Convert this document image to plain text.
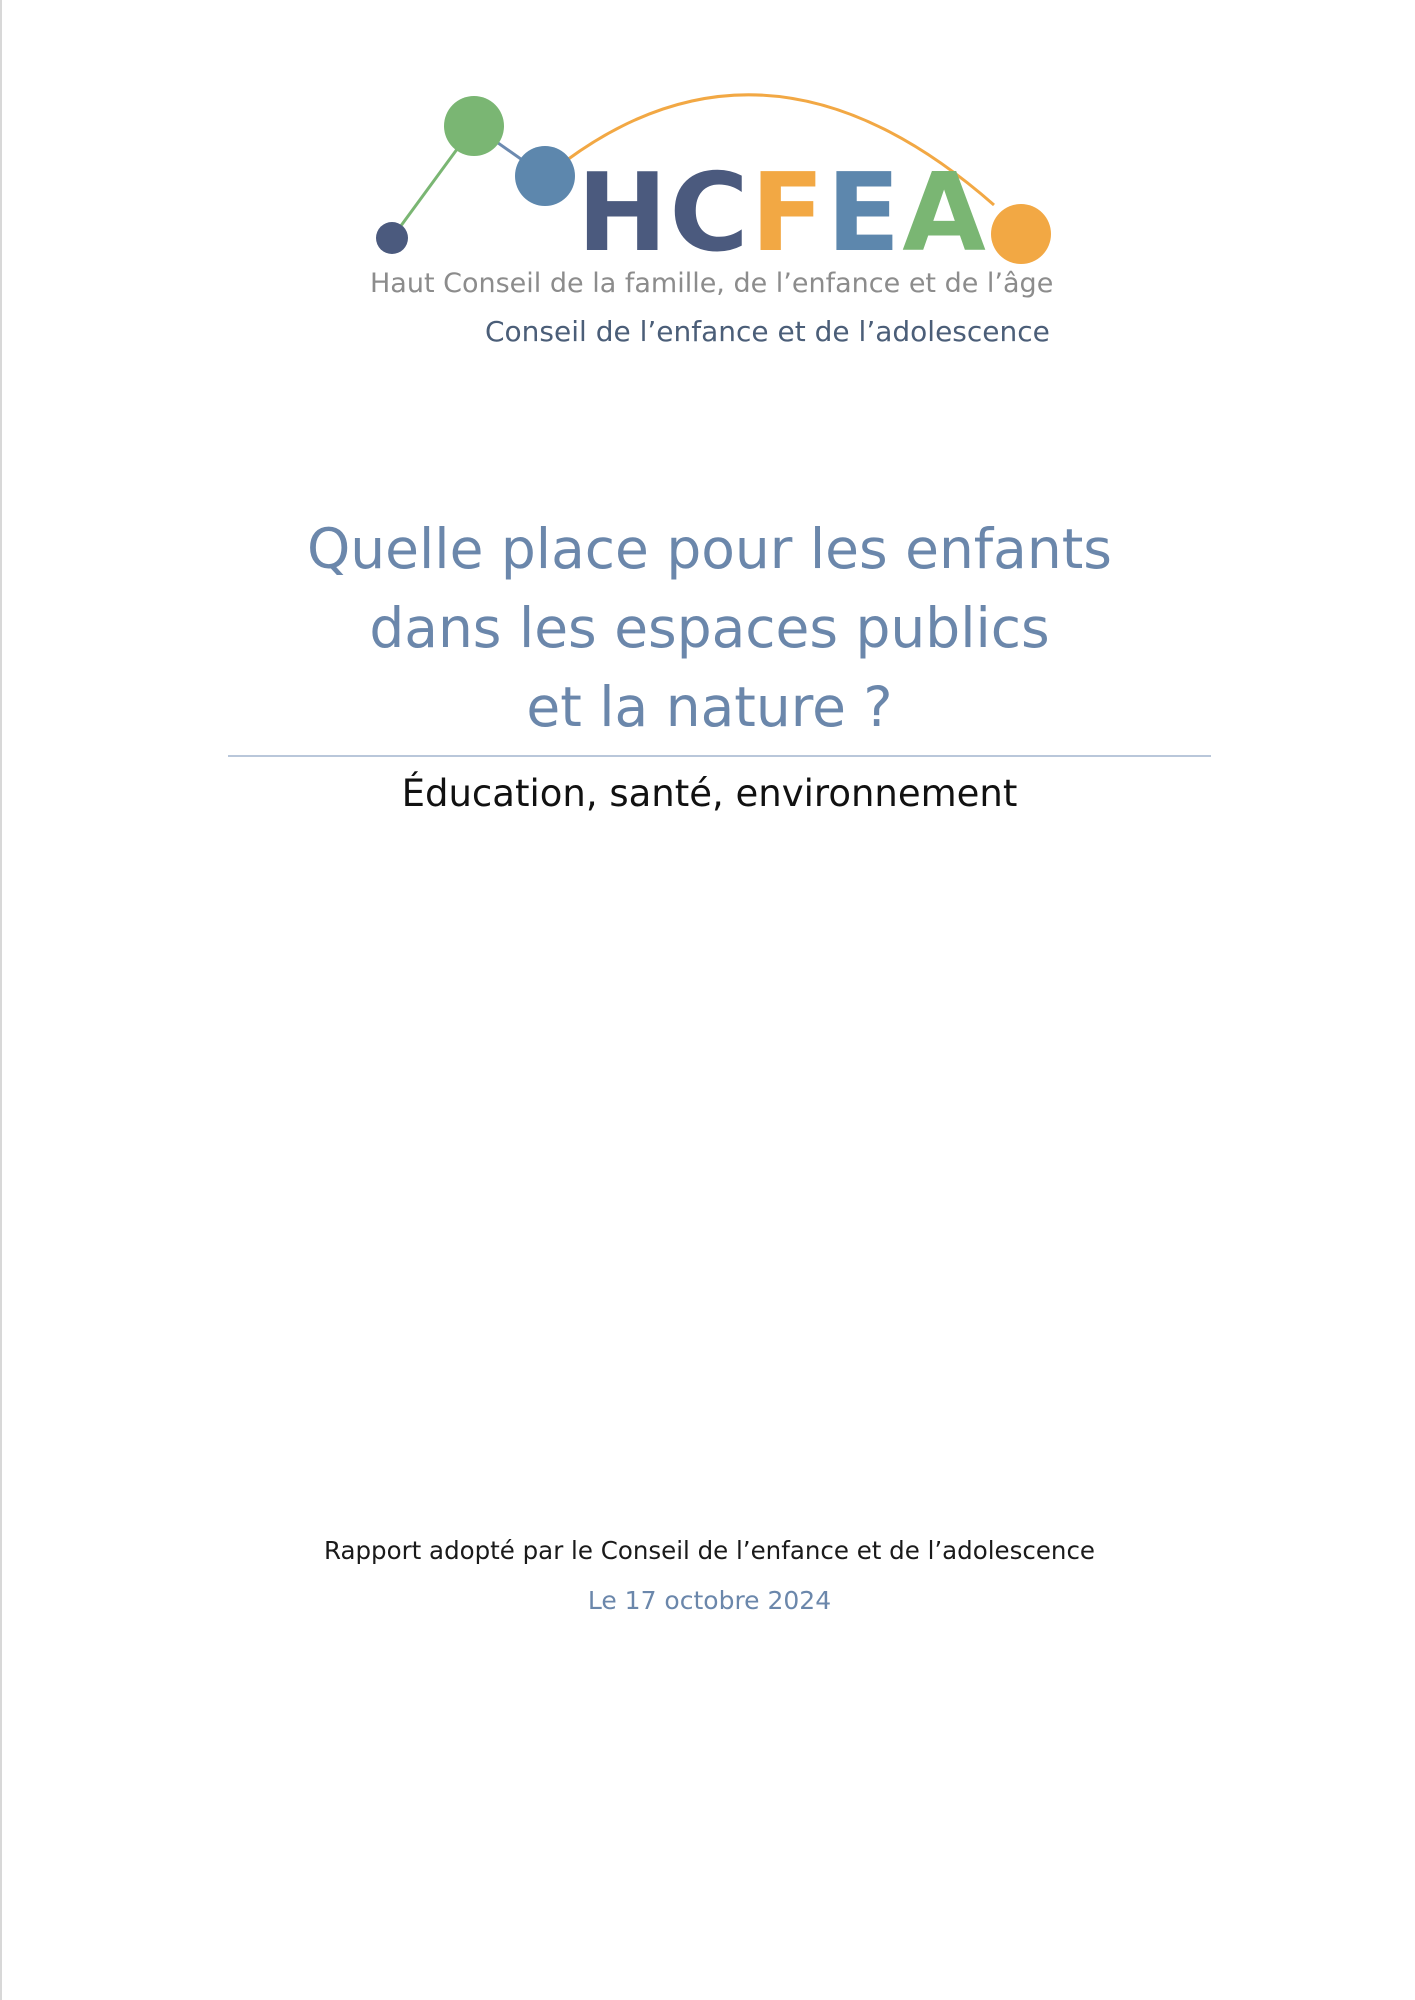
HCFEA
Haut Conseil de la famille, de l’enfance et de l’âge
Conseil de l’enfance et de l’adolescence
Quelle place pour les enfants
dans les espaces publics
et la nature ?
Éducation, santé, environnement
Rapport adopté par le Conseil de l’enfance et de l’adolescence
Le 17 octobre 2024
